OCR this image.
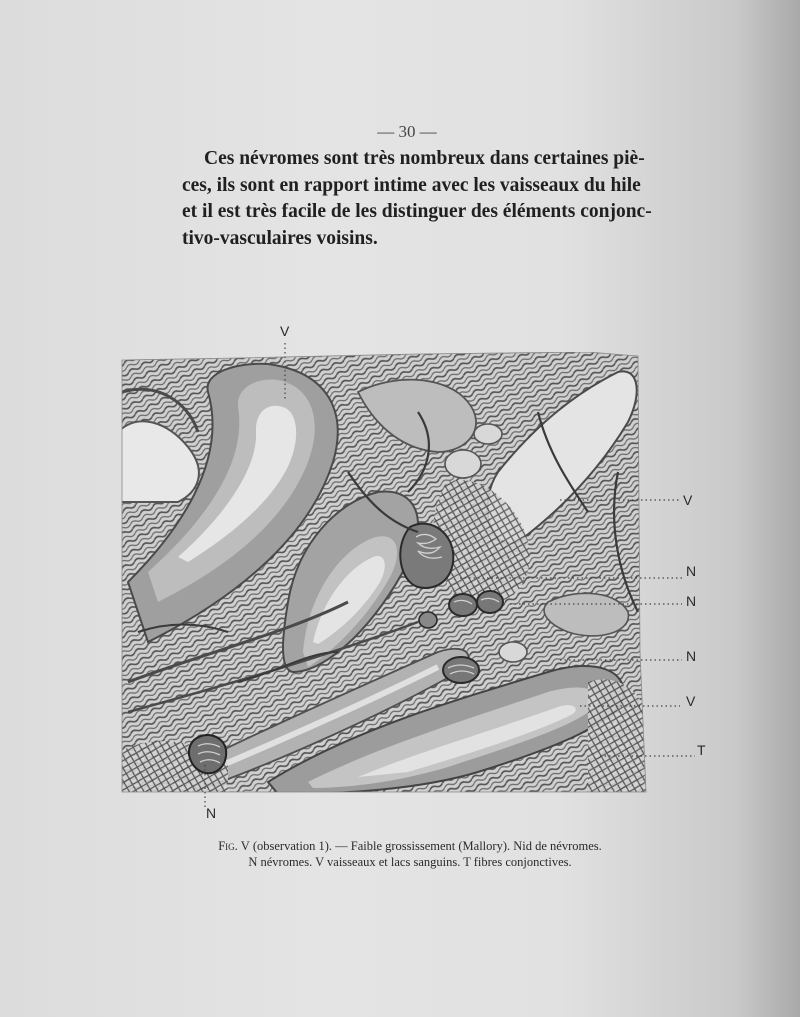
— 30 —
Ces névromes sont très nombreux dans certaines piè-
ces, ils sont en rapport intime avec les vaisseaux du hile
et il est très facile de les distinguer des éléments conjonc-
tivo-vasculaires voisins.
V
V
N
N
N
V
T
N
Fig. V (observation 1). — Faible grossissement (Mallory). Nid de névromes.
N névromes. V vaisseaux et lacs sanguins. T fibres conjonctives.
